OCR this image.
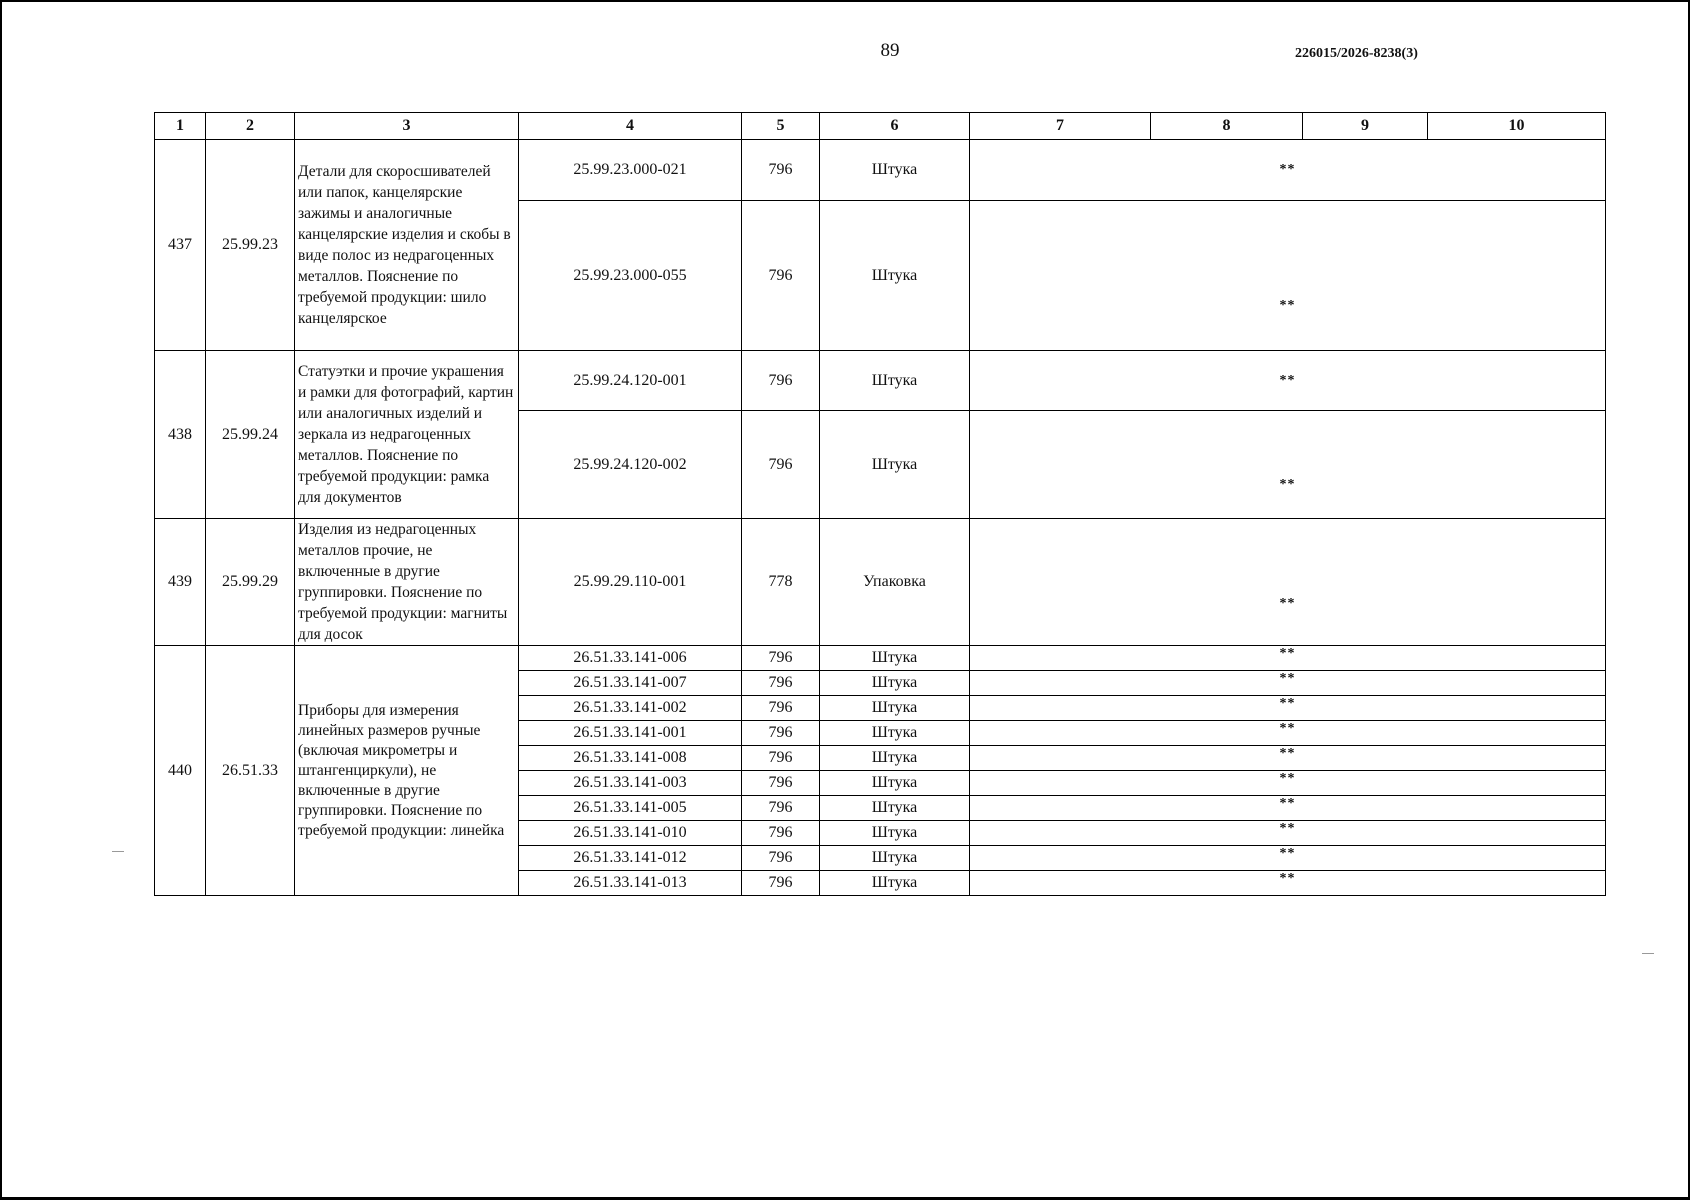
89	226015/2026-8238(3)
1	2	3	4	5	6	7	8	9	10
437	25.99.23	Детали для скоросшивателей или папок, канцелярские зажимы и аналогичные канцелярские изделия и скобы в виде полос из недрагоценных металлов. Пояснение по требуемой продукции: шило канцелярское	25.99.23.000-021	796	Штука	**			
			25.99.23.000-055	796	Штука	**			
438	25.99.24	Статуэтки и прочие украшения и рамки для фотографий, картин или аналогичных изделий и зеркала из недрагоценных металлов. Пояснение по требуемой продукции: рамка для документов	25.99.24.120-001	796	Штука	**			
			25.99.24.120-002	796	Штука	**			
439	25.99.29	Изделия из недрагоценных металлов прочие, не включенные в другие группировки. Пояснение по требуемой продукции: магниты для досок	25.99.29.110-001	778	Упаковка	**			
440	26.51.33	Приборы для измерения линейных размеров ручные (включая микрометры и штангенциркули), не включенные в другие группировки. Пояснение по требуемой продукции: линейка	26.51.33.141-006	796	Штука	**			
			26.51.33.141-007	796	Штука	**			
			26.51.33.141-002	796	Штука	**			
			26.51.33.141-001	796	Штука	**			
			26.51.33.141-008	796	Штука	**			
			26.51.33.141-003	796	Штука	**			
			26.51.33.141-005	796	Штука	**			
			26.51.33.141-010	796	Штука	**			
			26.51.33.141-012	796	Штука	**			
			26.51.33.141-013	796	Штука	**			
